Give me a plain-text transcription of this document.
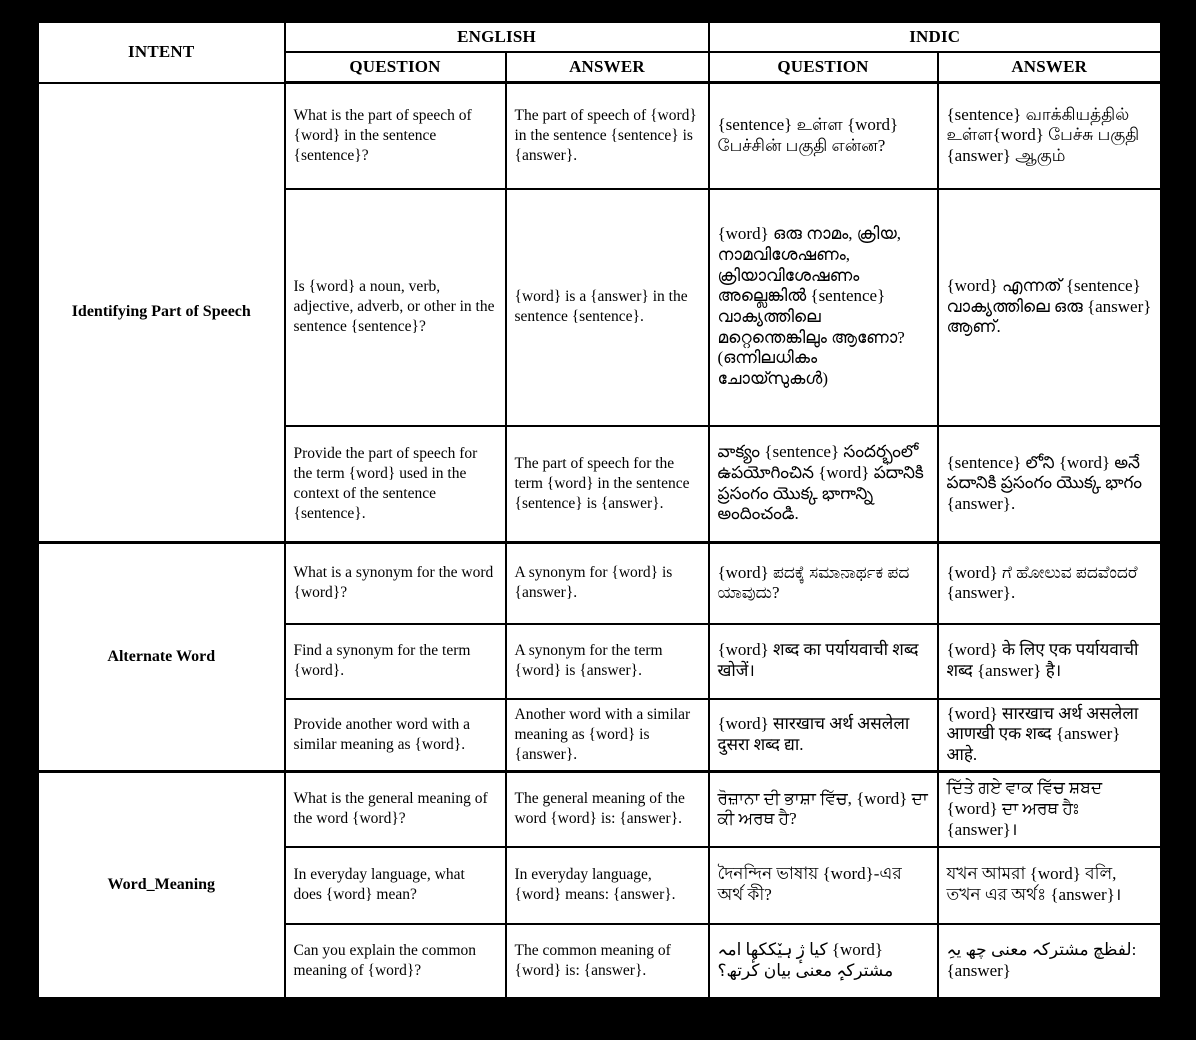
INTENT	ENGLISH		INDIC	
	QUESTION	ANSWER	QUESTION	ANSWER
Identifying Part of Speech	What is the part of speech of {word} in the sentence {sentence}?	The part of speech of {word} in the sentence {sentence} is {answer}.	{sentence} உள்ள {word} பேச்சின் பகுதி என்ன?	{sentence} வாக்கியத்தில் உள்ள{word} பேச்சு பகுதி {answer} ஆகும்
	Is {word} a noun, verb, adjective, adverb, or other in the sentence {sentence}?	{word} is a {answer} in the sentence {sentence}.	{word} ഒരു നാമം, ക്രിയ, നാമവിശേഷണം, ക്രിയാവിശേഷണം അല്ലെങ്കിൽ {sentence} വാക്യത്തിലെ മറ്റെന്തെങ്കിലും ആണോ? (ഒന്നിലധികം ചോയ്സുകൾ)	{word} എന്നത് {sentence} വാക്യത്തിലെ ഒരു {answer} ആണ്.
	Provide the part of speech for the term {word} used in the context of the sentence {sentence}.	The part of speech for the term {word} in the sentence {sentence} is {answer}.	వాక్యం {sentence} సందర్భంలో ఉపయోగించిన {word} పదానికి ప్రసంగం యొక్క భాగాన్ని అందించండి.	{sentence} లోని {word} అనే పదానికి ప్రసంగం యొక్క భాగం {answer}.
Alternate Word	What is a synonym for the word {word}?	A synonym for {word} is {answer}.	{word} ಪದಕ್ಕೆ ಸಮಾನಾರ್ಥಕ ಪದ ಯಾವುದು?	{word} ಗೆ ಹೋಲುವ ಪದವೆಂದರೆ {answer}.
	Find a synonym for the term {word}.	A synonym for the term {word} is {answer}.	{word} शब्द का पर्यायवाची शब्द खोजें।	{word} के लिए एक पर्यायवाची शब्द {answer} है।
	Provide another word with a similar meaning as {word}.	Another word with a similar meaning as {word} is {answer}.	{word} सारखाच अर्थ असलेला दुसरा शब्द द्या.	{word} सारखाच अर्थ असलेला आणखी एक शब्द {answer} आहे.
Word_Meaning	What is the general meaning of the word {word}?	The general meaning of the word {word} is: {answer}.	ਰੋਜ਼ਾਨਾ ਦੀ ਭਾਸ਼ਾ ਵਿੱਚ, {word} ਦਾ ਕੀ ਅਰਥ ਹੈ?	ਦਿੱਤੇ ਗਏ ਵਾਕ ਵਿੱਚ ਸ਼ਬਦ {word} ਦਾ ਅਰਥ ਹੈਃ {answer}।
	In everyday language, what does {word} mean?	In everyday language, {word} means: {answer}.	দৈনন্দিন ভাষায় {word}-এর অর্থ কী?	যখন আমরা {word} বলি, তখন এর অর্থঃ {answer}।
	Can you explain the common meaning of {word}?	The common meaning of {word} is: {answer}.	کیا ژٕ ہیٚککھا امہ {word} مشترکہٕ معنی بیان کٔرتھ؟	لفظچ مشترکہ معنی چھ یہِ: {answer}
